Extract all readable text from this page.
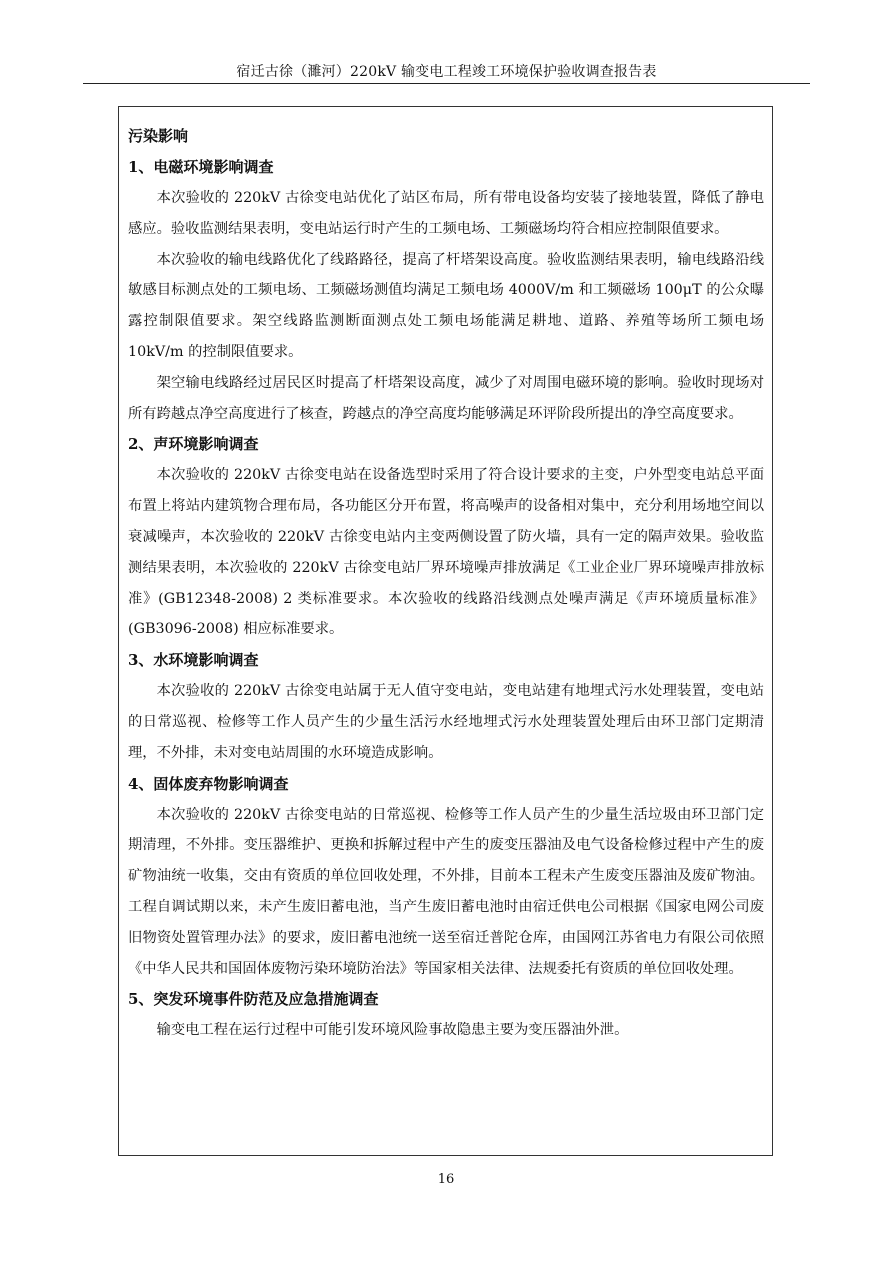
宿迁古徐（濉河）220kV 输变电工程竣工环境保护验收调查报告表
污染影响
1、电磁环境影响调查

本次验收的 220kV 古徐变电站优化了站区布局，所有带电设备均安装了接地装置，降低了静电感应。验收监测结果表明，变电站运行时产生的工频电场、工频磁场均符合相应控制限值要求。

本次验收的输电线路优化了线路路径，提高了杆塔架设高度。验收监测结果表明，输电线路沿线敏感目标测点处的工频电场、工频磁场测值均满足工频电场 4000V/m 和工频磁场 100μT 的公众曝露控制限值要求。架空线路监测断面测点处工频电场能满足耕地、道路、养殖等场所工频电场 10kV/m 的控制限值要求。

架空输电线路经过居民区时提高了杆塔架设高度，减少了对周围电磁环境的影响。验收时现场对所有跨越点净空高度进行了核查，跨越点的净空高度均能够满足环评阶段所提出的净空高度要求。

2、声环境影响调查

本次验收的 220kV 古徐变电站在设备选型时采用了符合设计要求的主变，户外型变电站总平面布置上将站内建筑物合理布局，各功能区分开布置，将高噪声的设备相对集中，充分利用场地空间以衰减噪声，本次验收的 220kV 古徐变电站内主变两侧设置了防火墙，具有一定的隔声效果。验收监测结果表明，本次验收的 220kV 古徐变电站厂界环境噪声排放满足《工业企业厂界环境噪声排放标准》(GB12348-2008) 2 类标准要求。本次验收的线路沿线测点处噪声满足《声环境质量标准》(GB3096-2008) 相应标准要求。

3、水环境影响调查

本次验收的 220kV 古徐变电站属于无人值守变电站，变电站建有地埋式污水处理装置，变电站的日常巡视、检修等工作人员产生的少量生活污水经地埋式污水处理装置处理后由环卫部门定期清理，不外排，未对变电站周围的水环境造成影响。

4、固体废弃物影响调查

本次验收的 220kV 古徐变电站的日常巡视、检修等工作人员产生的少量生活垃圾由环卫部门定期清理，不外排。变压器维护、更换和拆解过程中产生的废变压器油及电气设备检修过程中产生的废矿物油统一收集，交由有资质的单位回收处理，不外排，目前本工程未产生废变压器油及废矿物油。工程自调试期以来，未产生废旧蓄电池，当产生废旧蓄电池时由宿迁供电公司根据《国家电网公司废旧物资处置管理办法》的要求，废旧蓄电池统一送至宿迁普陀仓库，由国网江苏省电力有限公司依照《中华人民共和国固体废物污染环境防治法》等国家相关法律、法规委托有资质的单位回收处理。

5、突发环境事件防范及应急措施调查

输变电工程在运行过程中可能引发环境风险事故隐患主要为变压器油外泄。

16
